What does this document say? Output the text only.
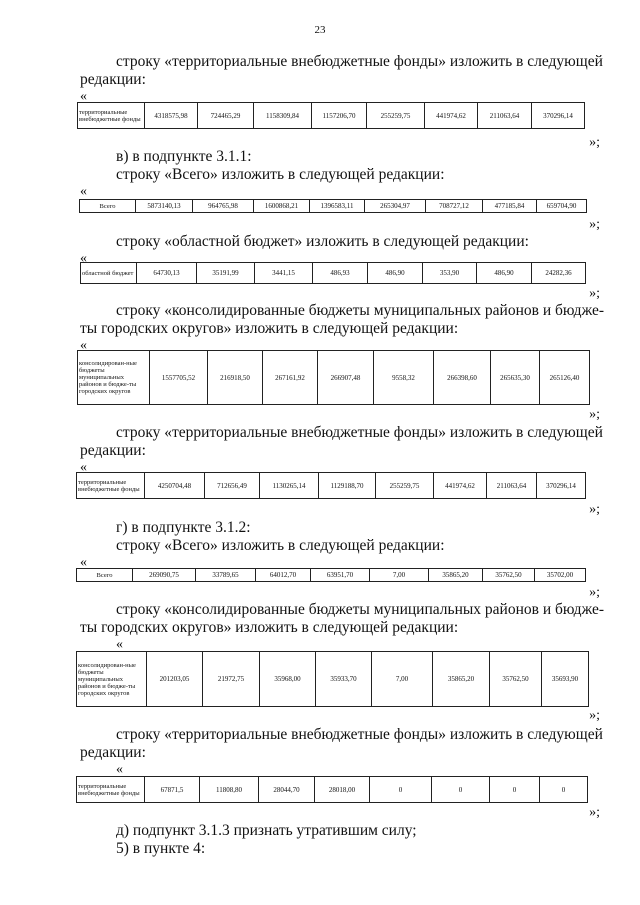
23
строку «территориальные внебюджетные фонды» изложить в следующей
редакции:
«
территориальные внебюджетные фонды	4318575,98	724465,29	1158309,84	1157206,70	255259,75	441974,62	211063,64	370296,14
»;
в) в подпункте 3.1.1:
строку «Всего» изложить в следующей редакции:
«
Всего	5873140,13	964765,98	1600868,21	1396583,11	265304,97	708727,12	477185,84	659704,90
»;
строку «областной бюджет» изложить в следующей редакции:
«
областной бюджет	64730,13	35191,99	3441,15	486,93	486,90	353,90	486,90	24282,36
»;
строку «консолидированные бюджеты муниципальных районов и бюдже-
ты городских округов» изложить в следующей редакции:
«
консолидирован-ные бюджеты муниципальных районов и бюдже-ты городских округов	1557705,52	216918,50	267161,92	266907,48	9558,32	266398,60	265635,30	265126,40
»;
строку «территориальные внебюджетные фонды» изложить в следующей
редакции:
«
территориальные внебюджетные фонды	4250704,48	712656,49	1130265,14	1129188,70	255259,75	441974,62	211063,64	370296,14
»;
г) в подпункте 3.1.2:
строку «Всего» изложить в следующей редакции:
«
Всего	269090,75	33789,65	64012,70	63951,70	7,00	35865,20	35762,50	35702,00
»;
строку «консолидированные бюджеты муниципальных районов и бюдже-
ты городских округов» изложить в следующей редакции:
«
консолидирован-ные бюджеты муниципальных районов и бюдже-ты городских округов	201203,05	21972,75	35968,00	35933,70	7,00	35865,20	35762,50	35693,90
»;
строку «территориальные внебюджетные фонды» изложить в следующей
редакции:
«
территориальные внебюджетные фонды	67871,5	11808,80	28044,70	28018,00	0	0	0	0
»;
д) подпункт 3.1.3 признать утратившим силу;
5) в пункте 4:
